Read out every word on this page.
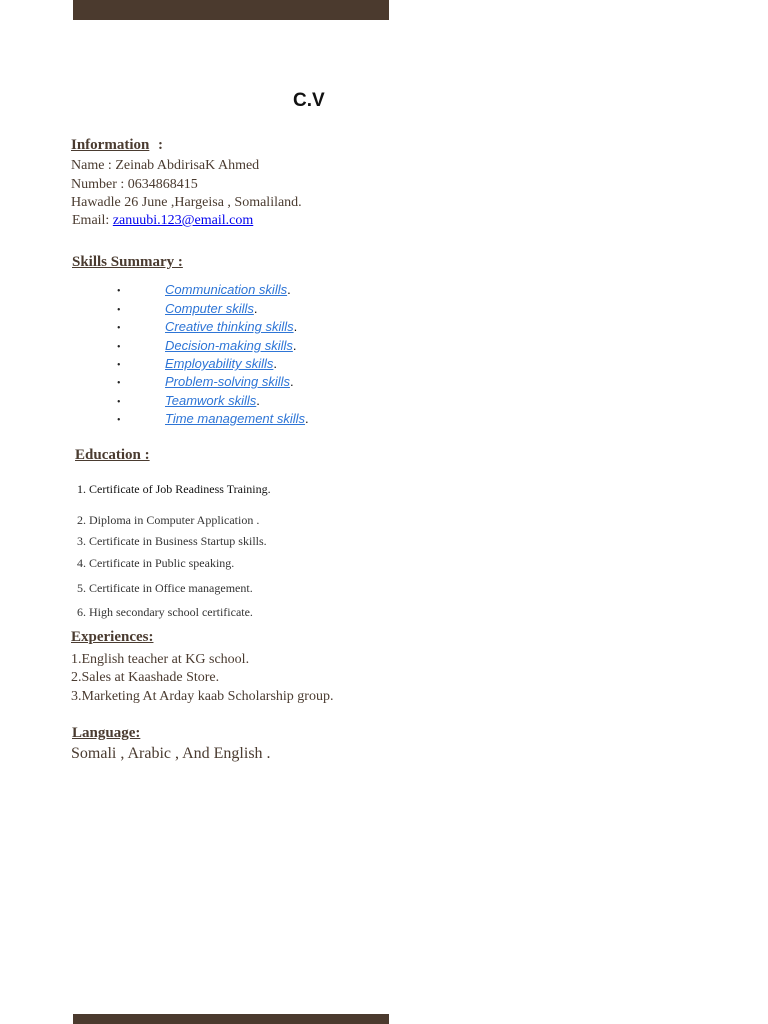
C.V
Information :
Name : Zeinab AbdirisaK Ahmed
Number : 0634868415
Hawadle 26 June ,Hargeisa , Somaliland.
Email: zanuubi.123@email.com
Skills Summary :
•	Communication skills.
•	Computer skills.
•	Creative thinking skills.
•	Decision-making skills.
•	Employability skills.
•	Problem-solving skills.
•	Teamwork skills.
•	Time management skills.
Education :
1. Certificate of Job Readiness Training.
2. Diploma in Computer Application .
3. Certificate in Business Startup skills.
4. Certificate in Public speaking.
5. Certificate in Office management.
6. High secondary school certificate.
Experiences:
1.English teacher at KG school.
2.Sales at Kaashade Store.
3.Marketing At Arday kaab Scholarship group.
Language:
Somali , Arabic , And English .
